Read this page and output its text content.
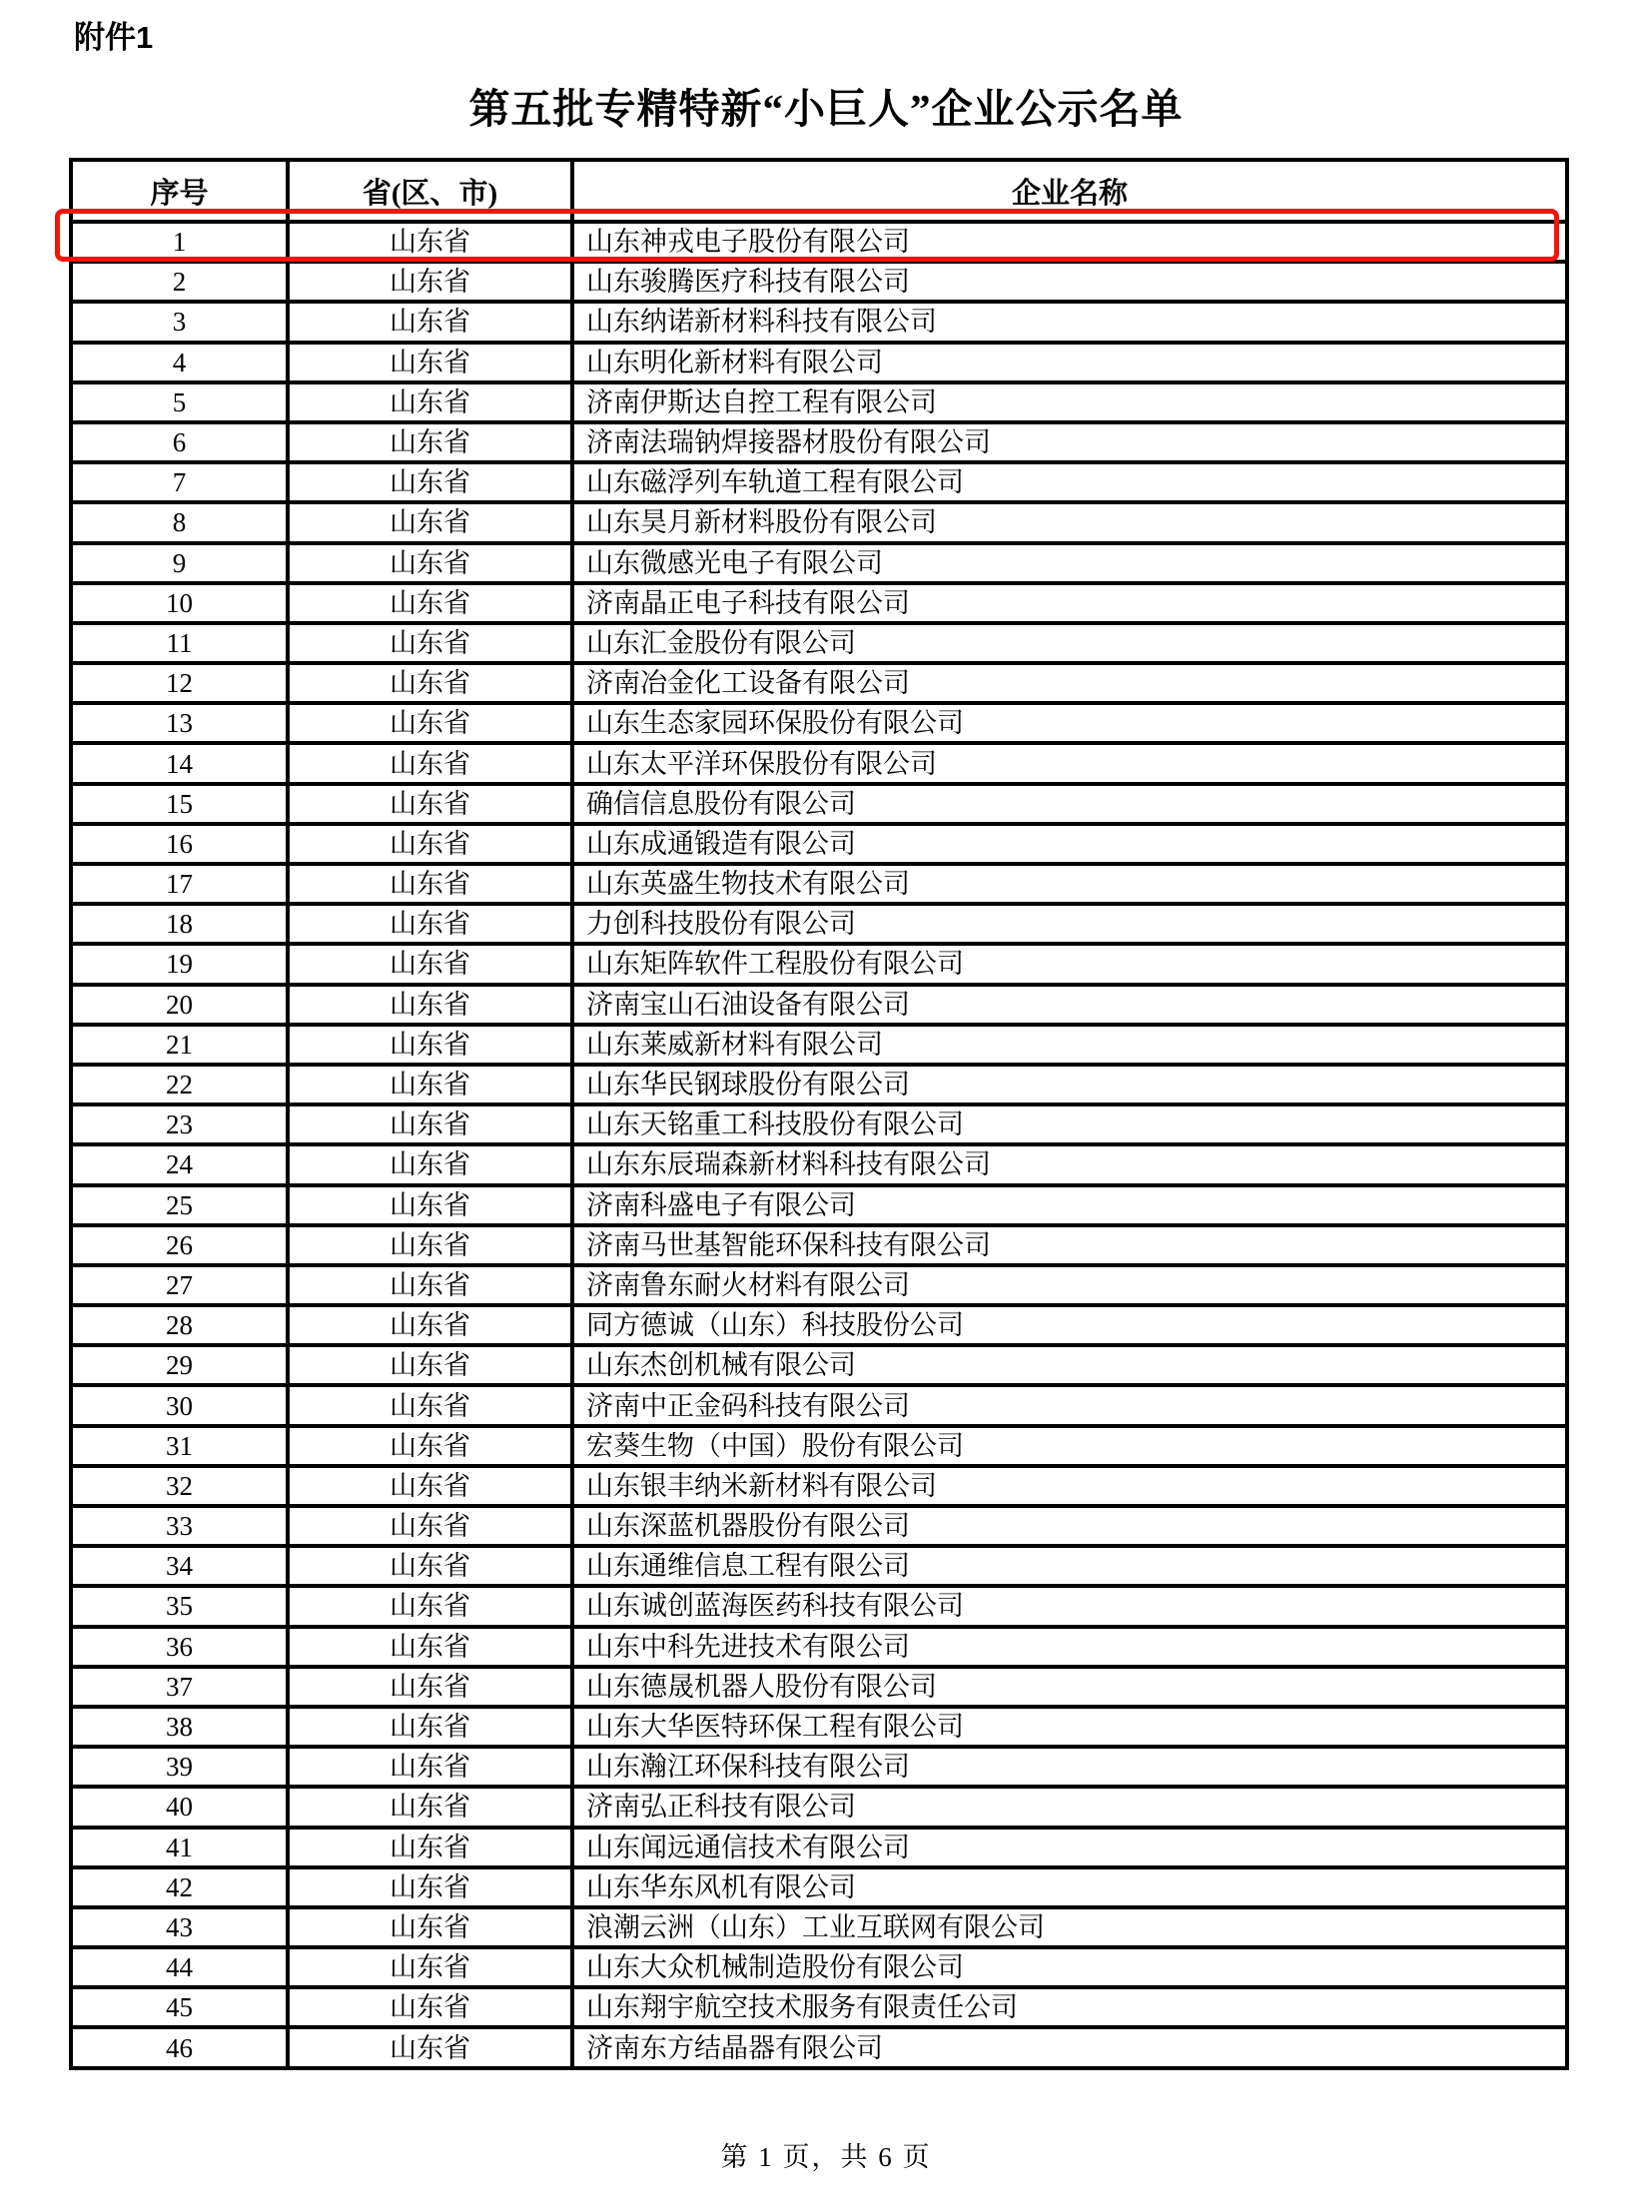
附件1
第五批专精特新“小巨人”企业公示名单
序号	省(区、市)	企业名称
1	山东省	山东神戎电子股份有限公司
2	山东省	山东骏腾医疗科技有限公司
3	山东省	山东纳诺新材料科技有限公司
4	山东省	山东明化新材料有限公司
5	山东省	济南伊斯达自控工程有限公司
6	山东省	济南法瑞钠焊接器材股份有限公司
7	山东省	山东磁浮列车轨道工程有限公司
8	山东省	山东昊月新材料股份有限公司
9	山东省	山东微感光电子有限公司
10	山东省	济南晶正电子科技有限公司
11	山东省	山东汇金股份有限公司
12	山东省	济南冶金化工设备有限公司
13	山东省	山东生态家园环保股份有限公司
14	山东省	山东太平洋环保股份有限公司
15	山东省	确信信息股份有限公司
16	山东省	山东成通锻造有限公司
17	山东省	山东英盛生物技术有限公司
18	山东省	力创科技股份有限公司
19	山东省	山东矩阵软件工程股份有限公司
20	山东省	济南宝山石油设备有限公司
21	山东省	山东莱威新材料有限公司
22	山东省	山东华民钢球股份有限公司
23	山东省	山东天铭重工科技股份有限公司
24	山东省	山东东辰瑞森新材料科技有限公司
25	山东省	济南科盛电子有限公司
26	山东省	济南马世基智能环保科技有限公司
27	山东省	济南鲁东耐火材料有限公司
28	山东省	同方德诚（山东）科技股份公司
29	山东省	山东杰创机械有限公司
30	山东省	济南中正金码科技有限公司
31	山东省	宏葵生物（中国）股份有限公司
32	山东省	山东银丰纳米新材料有限公司
33	山东省	山东深蓝机器股份有限公司
34	山东省	山东通维信息工程有限公司
35	山东省	山东诚创蓝海医药科技有限公司
36	山东省	山东中科先进技术有限公司
37	山东省	山东德晟机器人股份有限公司
38	山东省	山东大华医特环保工程有限公司
39	山东省	山东瀚江环保科技有限公司
40	山东省	济南弘正科技有限公司
41	山东省	山东闻远通信技术有限公司
42	山东省	山东华东风机有限公司
43	山东省	浪潮云洲（山东）工业互联网有限公司
44	山东省	山东大众机械制造股份有限公司
45	山东省	山东翔宇航空技术服务有限责任公司
46	山东省	济南东方结晶器有限公司
第 1 页，共 6 页
